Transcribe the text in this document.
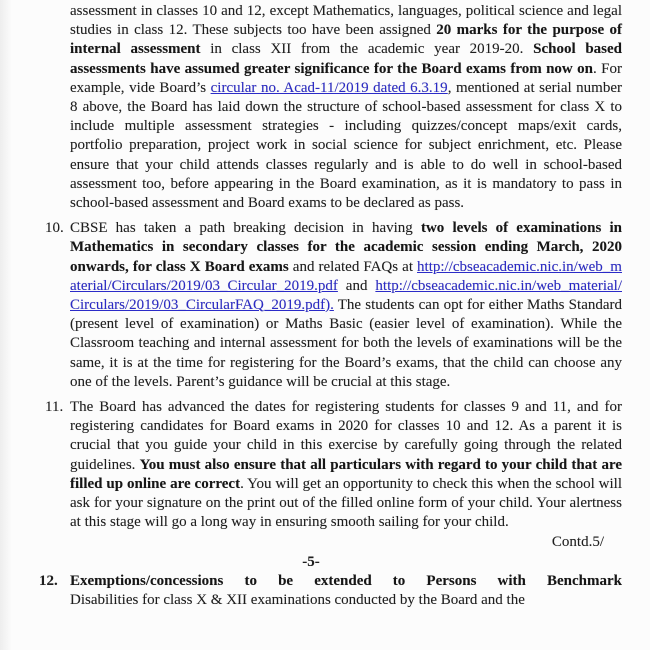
assessment in classes 10 and 12, except Mathematics, languages, political science and legal studies in class 12. These subjects too have been assigned 20 marks for the purpose of internal assessment in class XII from the academic year 2019-20. School based assessments have assumed greater significance for the Board exams from now on. For example, vide Board’s circular no. Acad-11/2019 dated 6.3.19, mentioned at serial number 8 above, the Board has laid down the structure of school-based assessment for class X to include multiple assessment strategies - including quizzes/concept maps/exit cards, portfolio preparation, project work in social science for subject enrichment, etc. Please ensure that your child attends classes regularly and is able to do well in school-based assessment too, before appearing in the Board examination, as it is mandatory to pass in school-based assessment and Board exams to be declared as pass.

10. CBSE has taken a path breaking decision in having two levels of examinations in Mathematics in secondary classes for the academic session ending March, 2020 onwards, for class X Board exams and related FAQs at http://cbseacademic.nic.in/web_material/Circulars/2019/03_Circular_2019.pdf and http://cbseacademic.nic.in/web_material/Circulars/2019/03_CircularFAQ_2019.pdf). The students can opt for either Maths Standard (present level of examination) or Maths Basic (easier level of examination). While the Classroom teaching and internal assessment for both the levels of examinations will be the same, it is at the time for registering for the Board’s exams, that the child can choose any one of the levels. Parent’s guidance will be crucial at this stage.

11. The Board has advanced the dates for registering students for classes 9 and 11, and for registering candidates for Board exams in 2020 for classes 10 and 12. As a parent it is crucial that you guide your child in this exercise by carefully going through the related guidelines. You must also ensure that all particulars with regard to your child that are filled up online are correct. You will get an opportunity to check this when the school will ask for your signature on the print out of the filled online form of your child. Your alertness at this stage will go a long way in ensuring smooth sailing for your child.

Contd.5/
-5-
12. Exemptions/concessions to be extended to Persons with Benchmark

Disabilities for class X & XII examinations conducted by the Board and the
